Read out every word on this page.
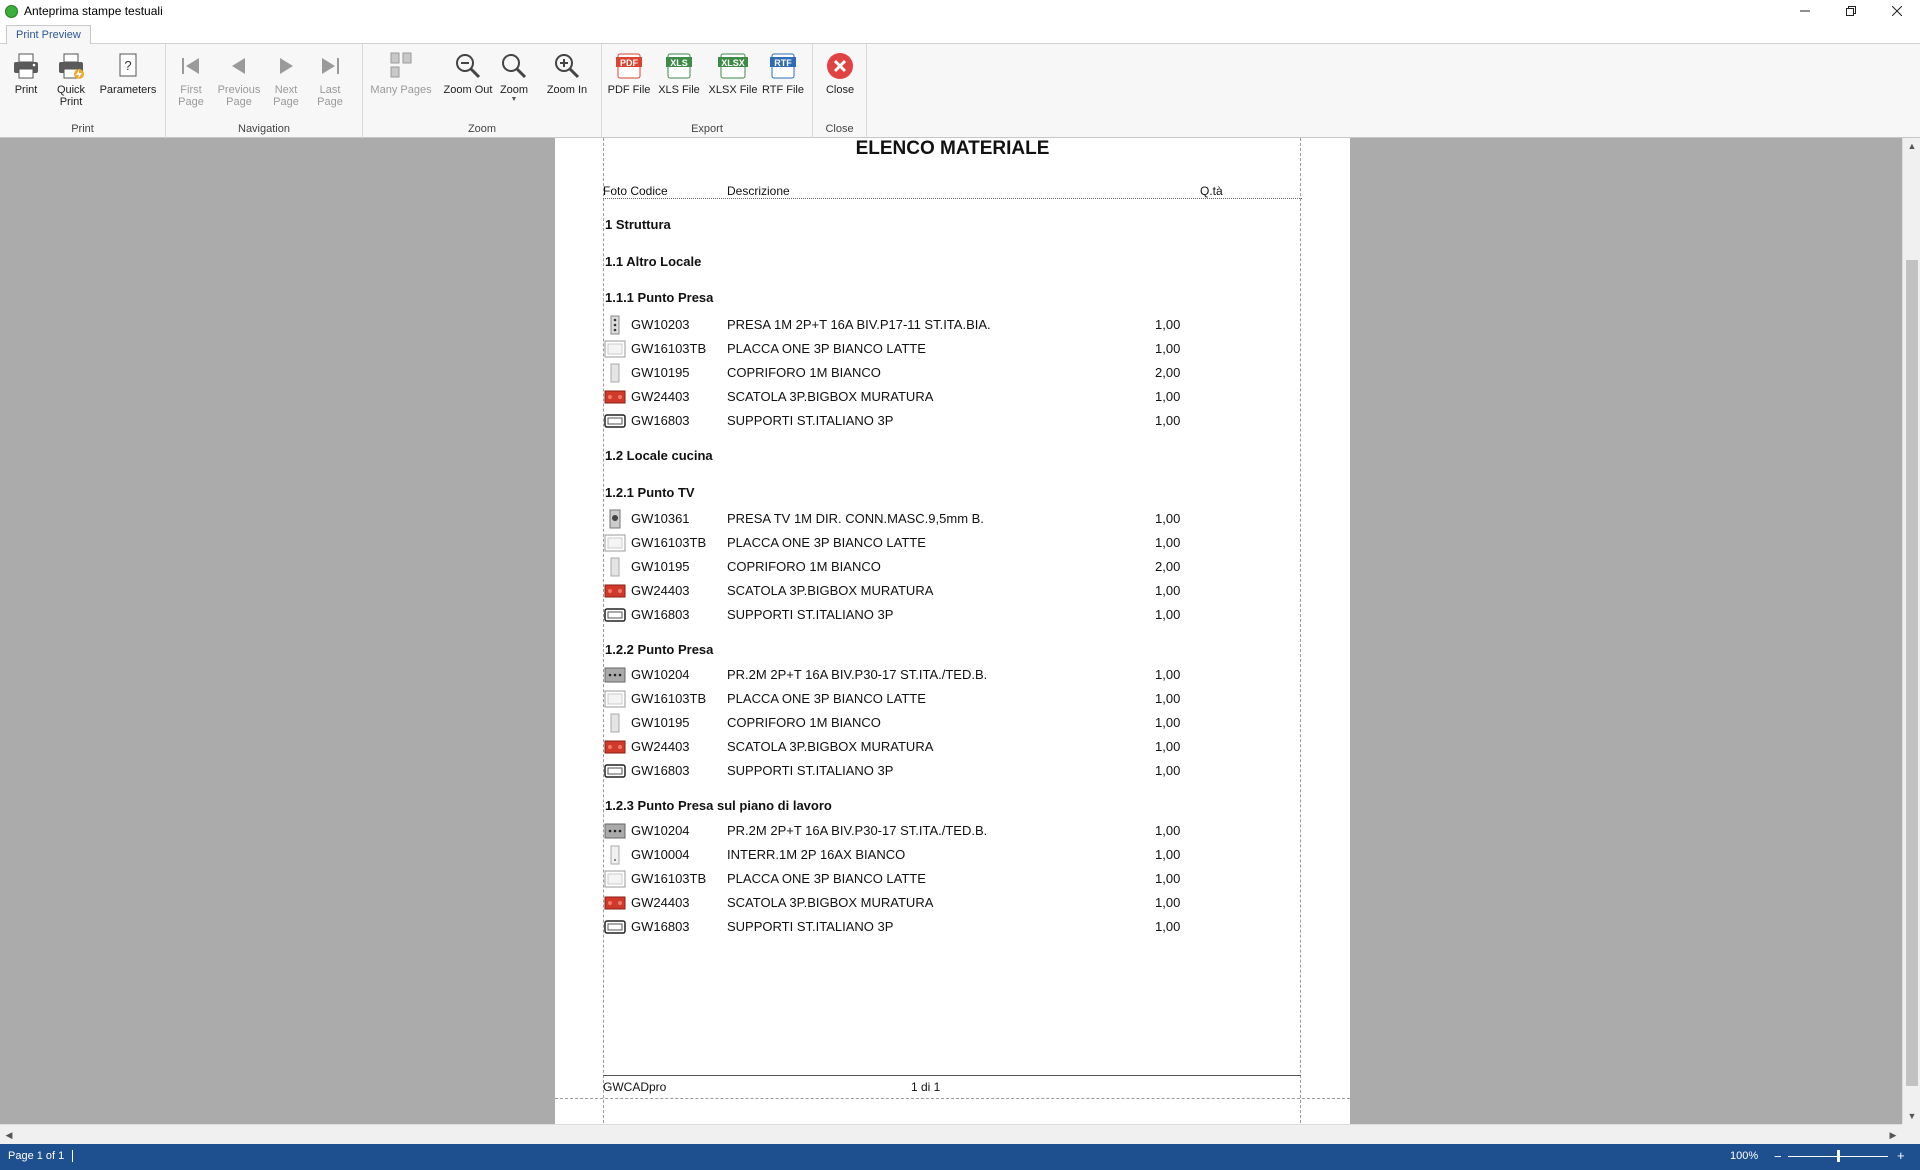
Anteprima stampe testuali
Print Preview
Print	Quick Print
?
Parameters
Print
First Page
Previous Page
Next Page
Last Page
Navigation
Many Pages Zoom Out Zoom
▼
Zoom In
Zoom
PDF
PDF File
XLS
XLS File
XLSX
XLSX File
RTF
RTF File
Export
Close
Close
ELENCO MATERIALE
Foto Codice	Descrizione	Q.tà
1 Struttura
1.1 Altro Locale
1.1.1 Punto Presa
1.2 Locale cucina
1.2.1 Punto TV
1.2.2 Punto Presa
1.2.3 Punto Presa sul piano di lavoro
GW10203	PRESA 1M 2P+T 16A BIV.P17-11 ST.ITA.BIA.	1,00
GW16103TB PLACCA ONE 3P BIANCO LATTE	1,00
GW10195	COPRIFORO 1M BIANCO	2,00
GW24403	SCATOLA 3P.BIGBOX MURATURA	1,00
GW16803	SUPPORTI ST.ITALIANO 3P	1,00
GW10361	PRESA TV 1M DIR. CONN.MASC.9,5mm B.	1,00
GW16103TB PLACCA ONE 3P BIANCO LATTE	1,00
GW10195	COPRIFORO 1M BIANCO	2,00
GW24403	SCATOLA 3P.BIGBOX MURATURA	1,00
GW16803	SUPPORTI ST.ITALIANO 3P	1,00
GW10204	PR.2M 2P+T 16A BIV.P30-17 ST.ITA./TED.B.	1,00
GW16103TB PLACCA ONE 3P BIANCO LATTE	1,00
GW10195	COPRIFORO 1M BIANCO	1,00
GW24403	SCATOLA 3P.BIGBOX MURATURA	1,00
GW16803	SUPPORTI ST.ITALIANO 3P	1,00
GW10204	PR.2M 2P+T 16A BIV.P30-17 ST.ITA./TED.B.	1,00
GW10004	INTERR.1M 2P 16AX BIANCO	1,00
GW16103TB PLACCA ONE 3P BIANCO LATTE	1,00
GW24403	SCATOLA 3P.BIGBOX MURATURA	1,00
GW16803	SUPPORTI ST.ITALIANO 3P	1,00
GWCADpro	1 di 1
▲
▼
◀	▶
Page 1 of 1	100% −	+
